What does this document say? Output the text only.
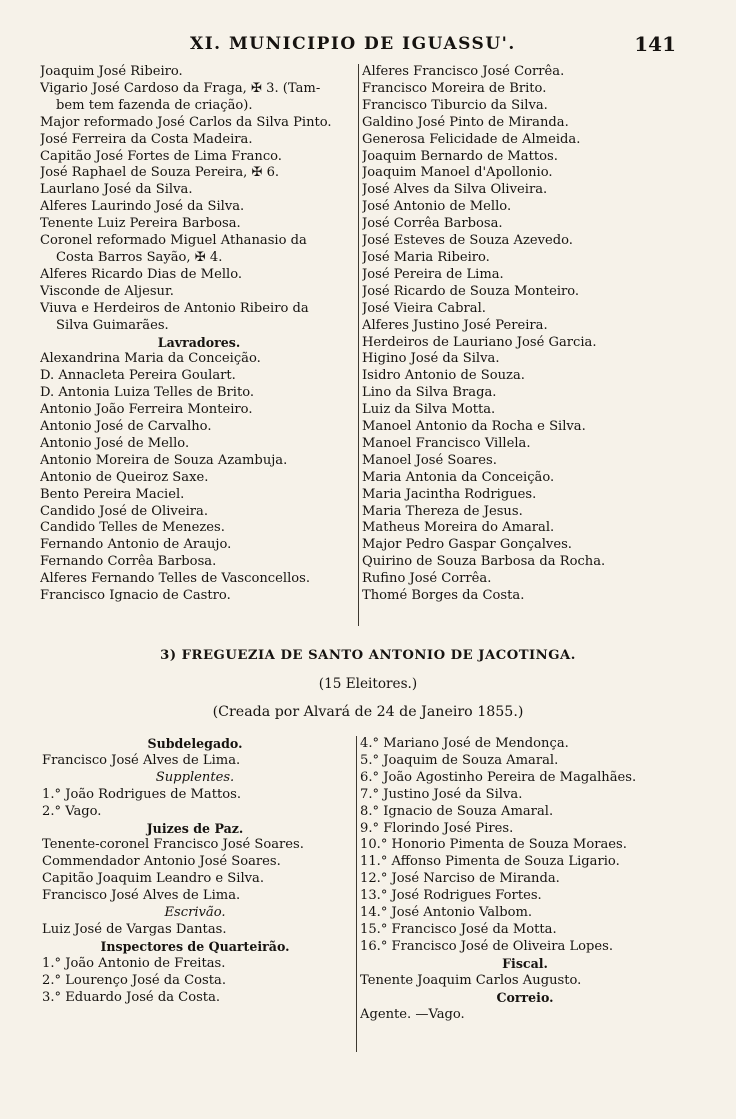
XI. MUNICIPIO DE IGUASSU'.	141
Joaquim José Ribeiro.
Vigario José Cardoso da Fraga, ✠ 3. (Tam-
bem tem fazenda de criação).
Major reformado José Carlos da Silva Pinto.
José Ferreira da Costa Madeira.
Capitão José Fortes de Lima Franco.
José Raphael de Souza Pereira, ✠ 6.
Laurlano José da Silva.
Alferes Laurindo José da Silva.
Tenente Luiz Pereira Barbosa.
Coronel reformado Miguel Athanasio da
Costa Barros Sayão, ✠ 4.
Alferes Ricardo Dias de Mello.
Visconde de Aljesur.
Viuva e Herdeiros de Antonio Ribeiro da
Silva Guimarães.
Lavradores.
Alexandrina Maria da Conceição.
D. Annacleta Pereira Goulart.
D. Antonia Luiza Telles de Brito.
Antonio João Ferreira Monteiro.
Antonio José de Carvalho.
Antonio José de Mello.
Antonio Moreira de Souza Azambuja.
Antonio de Queiroz Saxe.
Bento Pereira Maciel.
Candido José de Oliveira.
Candido Telles de Menezes.
Fernando Antonio de Araujo.
Fernando Corrêa Barbosa.
Alferes Fernando Telles de Vasconcellos.
Francisco Ignacio de Castro.
Alferes Francisco José Corrêa.
Francisco Moreira de Brito.
Francisco Tiburcio da Silva.
Galdino José Pinto de Miranda.
Generosa Felicidade de Almeida.
Joaquim Bernardo de Mattos.
Joaquim Manoel d'Apollonio.
José Alves da Silva Oliveira.
José Antonio de Mello.
José Corrêa Barbosa.
José Esteves de Souza Azevedo.
José Maria Ribeiro.
José Pereira de Lima.
José Ricardo de Souza Monteiro.
José Vieira Cabral.
Alferes Justino José Pereira.
Herdeiros de Lauriano José Garcia.
Higino José da Silva.
Isidro Antonio de Souza.
Lino da Silva Braga.
Luiz da Silva Motta.
Manoel Antonio da Rocha e Silva.
Manoel Francisco Villela.
Manoel José Soares.
Maria Antonia da Conceição.
Maria Jacintha Rodrigues.
Maria Thereza de Jesus.
Matheus Moreira do Amaral.
Major Pedro Gaspar Gonçalves.
Quirino de Souza Barbosa da Rocha.
Rufino José Corrêa.
Thomé Borges da Costa.
3) FREGUEZIA DE SANTO ANTONIO DE JACOTINGA.
(15 Eleitores.)
(Creada por Alvará de 24 de Janeiro 1855.)
Subdelegado.
Francisco José Alves de Lima.
Supplentes.
1.° João Rodrigues de Mattos.
2.° Vago.
Juizes de Paz.
Tenente-coronel Francisco José Soares.
Commendador Antonio José Soares.
Capitão Joaquim Leandro e Silva.
Francisco José Alves de Lima.
Escrivão.
Luiz José de Vargas Dantas.
Inspectores de Quarteirão.
1.° João Antonio de Freitas.
2.° Lourenço José da Costa.
3.° Eduardo José da Costa.
4.° Mariano José de Mendonça.
5.° Joaquim de Souza Amaral.
6.° João Agostinho Pereira de Magalhães.
7.° Justino José da Silva.
8.° Ignacio de Souza Amaral.
9.° Florindo José Pires.
10.° Honorio Pimenta de Souza Moraes.
11.° Affonso Pimenta de Souza Ligario.
12.° José Narciso de Miranda.
13.° José Rodrigues Fortes.
14.° José Antonio Valbom.
15.° Francisco José da Motta.
16.° Francisco José de Oliveira Lopes.
Fiscal.
Tenente Joaquim Carlos Augusto.
Correio.
Agente. —Vago.
